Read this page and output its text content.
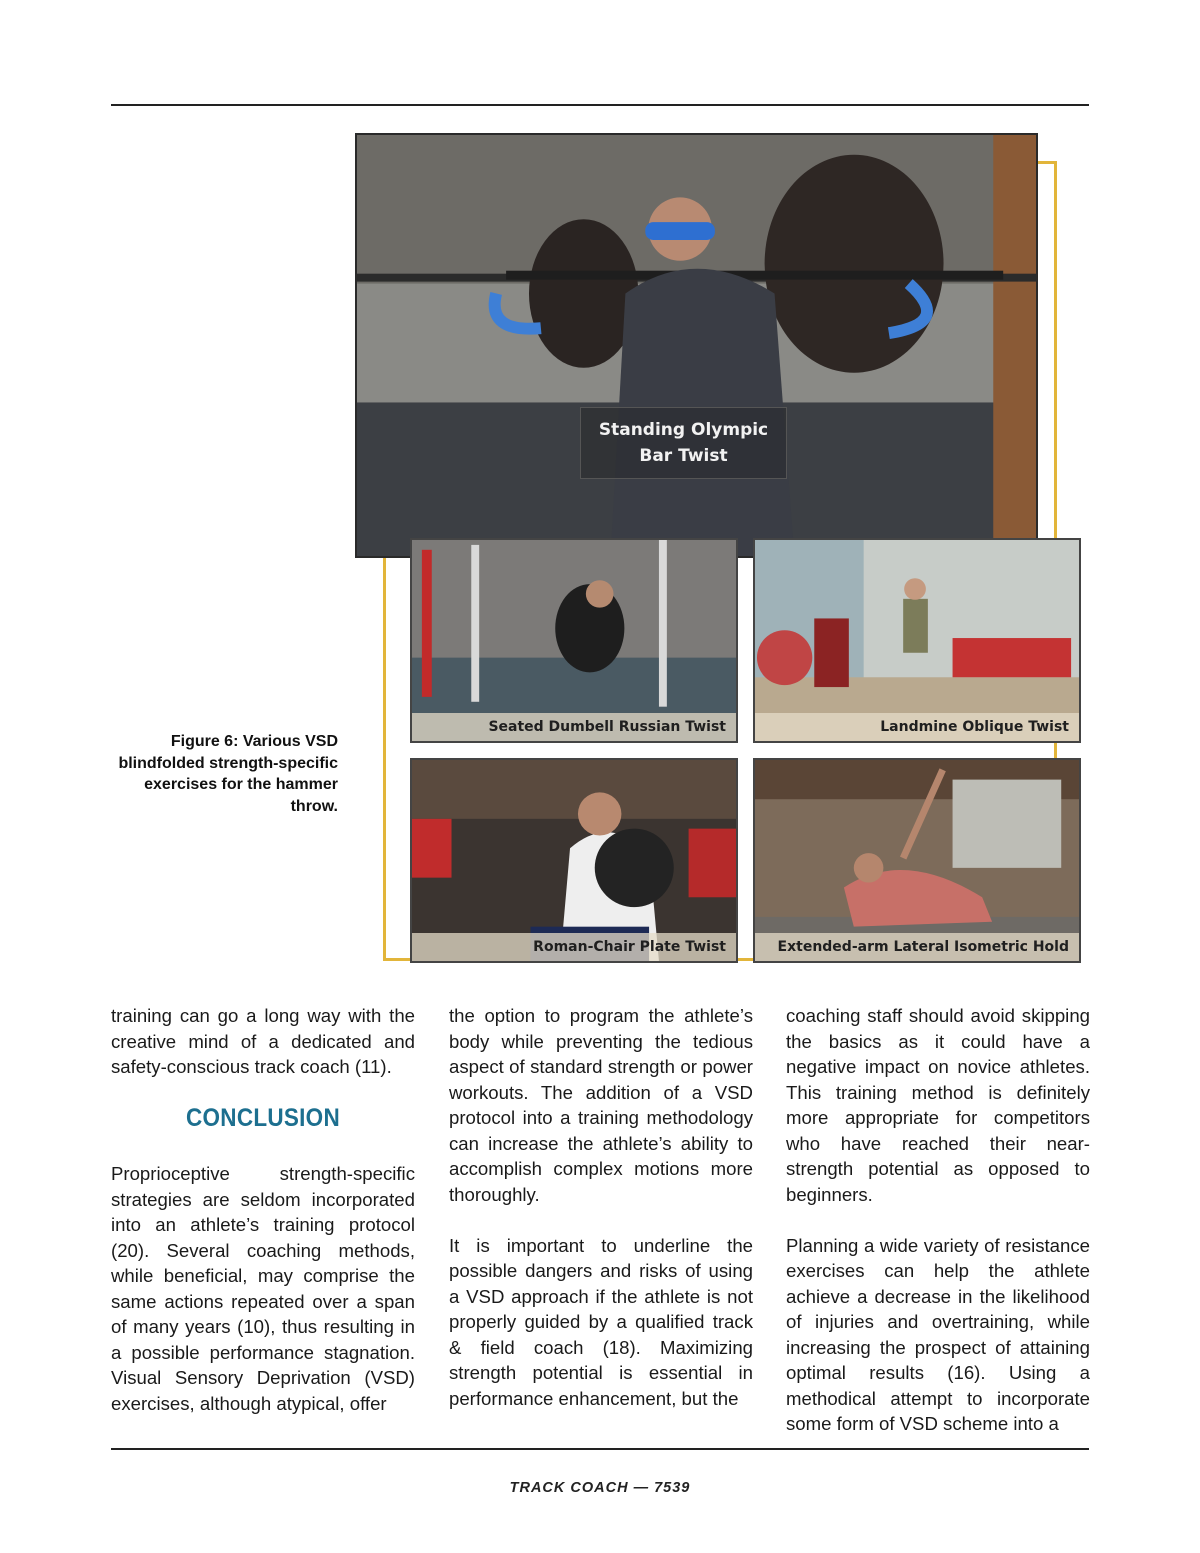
Standing Olympic
Bar Twist
Seated Dumbell Russian Twist	Landmine Oblique Twist
Roman-Chair Plate Twist	Extended-arm Lateral Isometric Hold
Figure 6: Various VSD blindfolded strength-specific exercises for the hammer throw.

training can go a long way with the creative mind of a dedicated and safety-conscious track coach (11).

CONCLUSION

Proprioceptive strength-specific strategies are seldom incorporated into an athlete’s training protocol (20). Several coaching methods, while beneficial, may comprise the same actions repeated over a span of many years (10), thus resulting in a possible performance stagnation. Visual Sensory Deprivation (VSD) exercises, although atypical, offer

the option to program the athlete’s body while preventing the tedious aspect of standard strength or power workouts. The addition of a VSD protocol into a training methodology can increase the athlete’s ability to accomplish complex motions more thoroughly.

It is important to underline the possible dangers and risks of using a VSD approach if the athlete is not properly guided by a qualified track & field coach (18). Maximizing strength potential is essential in performance enhancement, but the

coaching staff should avoid skipping the basics as it could have a negative impact on novice athletes. This training method is definitely more appropriate for competitors who have reached their near-strength potential as opposed to beginners.

Planning a wide variety of resistance exercises can help the athlete achieve a decrease in the likelihood of injuries and overtraining, while increasing the prospect of attaining optimal results (16). Using a methodical attempt to incorporate some form of VSD scheme into a

TRACK COACH — 7539
